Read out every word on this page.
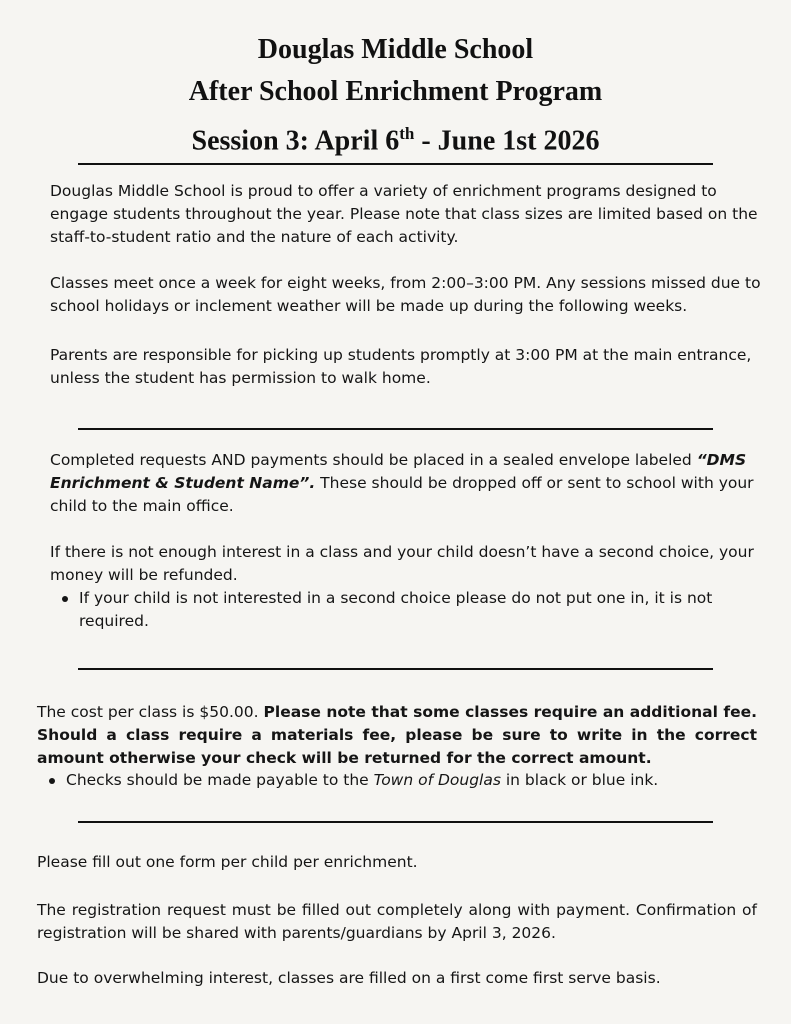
Douglas Middle School
After School Enrichment Program
Session 3: April 6th - June 1st 2026

Douglas Middle School is proud to offer a variety of enrichment programs designed to engage students throughout the year. Please note that class sizes are limited based on the staff-to-student ratio and the nature of each activity.

Classes meet once a week for eight weeks, from 2:00–3:00 PM. Any sessions missed due to school holidays or inclement weather will be made up during the following weeks.

Parents are responsible for picking up students promptly at 3:00 PM at the main entrance, unless the student has permission to walk home.

Completed requests AND payments should be placed in a sealed envelope labeled “DMS Enrichment & Student Name”. These should be dropped off or sent to school with your child to the main office.

If there is not enough interest in a class and your child doesn’t have a second choice, your money will be refunded.

If your child is not interested in a second choice please do not put one in, it is not required.

The cost per class is $50.00. Please note that some classes require an additional fee. Should a class require a materials fee, please be sure to write in the correct amount otherwise your check will be returned for the correct amount.

Checks should be made payable to the Town of Douglas in black or blue ink.

Please fill out one form per child per enrichment.

The registration request must be filled out completely along with payment. Confirmation of registration will be shared with parents/guardians by April 3, 2026.

Due to overwhelming interest, classes are filled on a first come first serve basis.
